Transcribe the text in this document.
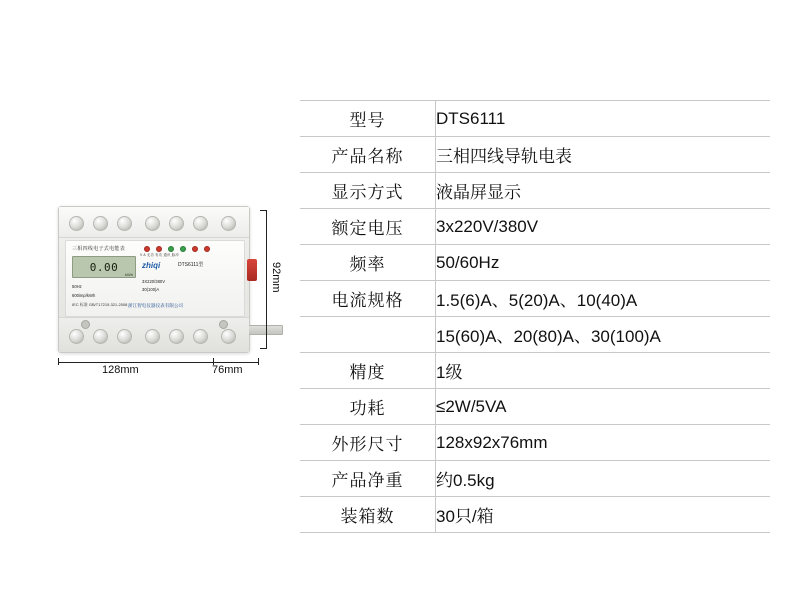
三相四线电子式电能表
V A 无功 有功 通讯 脉冲
0.00
kWh
zhiqi	DTS6111型
3X220/380V
30(100)A
50Hz
600imp/kWh
IEC 标准 GB/T17215.321-2008 浙江智电仪器仪表有限公司
92mm
128mm	76mm
型号	DTS6111
产品名称	三相四线导轨电表
显示方式	液晶屏显示
额定电压	3x220V/380V
频率	50/60Hz
电流规格	1.5(6)A、5(20)A、10(40)A
	15(60)A、20(80)A、30(100)A
精度	1级
功耗	≤2W/5VA
外形尺寸	128x92x76mm
产品净重	约0.5kg
装箱数	30只/箱
